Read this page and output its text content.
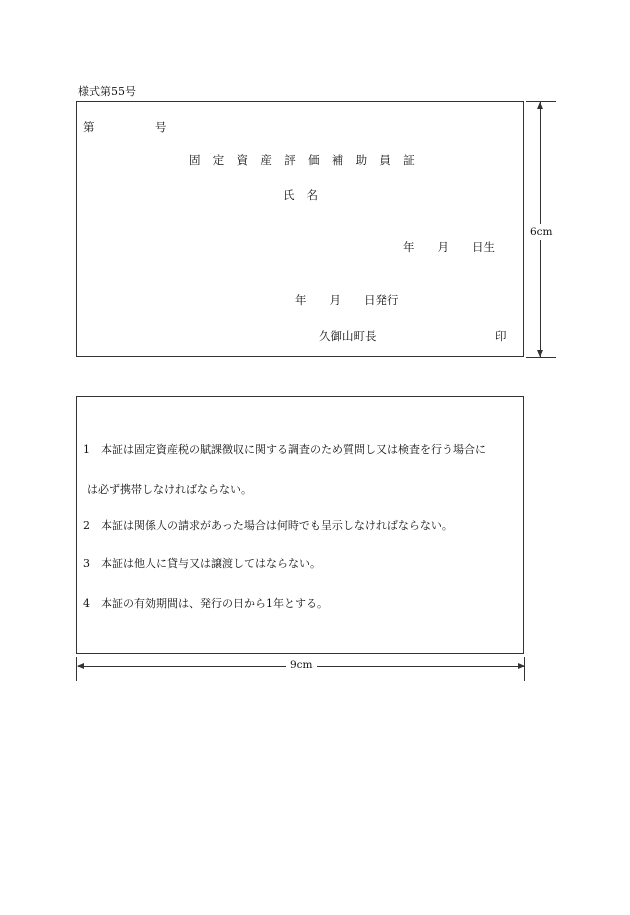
様式第55号
第	号
固定資産評価補助員証
氏名
年　　月　　日生
年　　月　　日発行
久御山町長	印
6cm
1　本証は固定資産税の賦課徴収に関する調査のため質問し又は検査を行う場合に
は必ず携帯しなければならない。
2　本証は関係人の請求があった場合は何時でも呈示しなければならない。
3　本証は他人に貸与又は譲渡してはならない。
4　本証の有効期間は、発行の日から1年とする。
9cm
